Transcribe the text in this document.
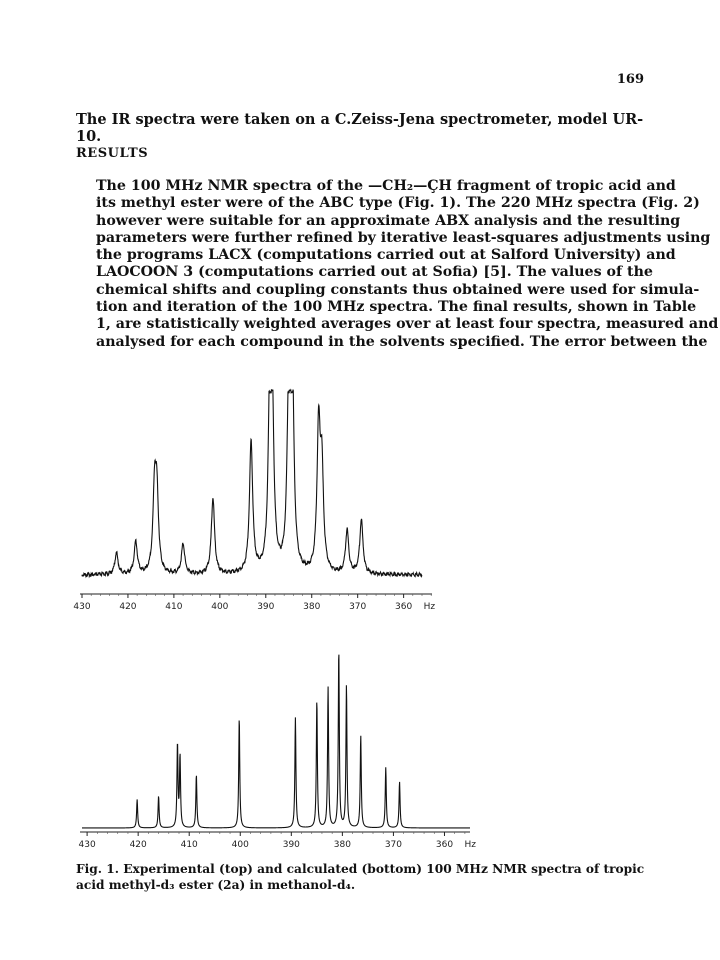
169

The IR spectra were taken on a C.Zeiss-Jena spectrometer, model UR-10.

RESULTS

The 100 MHz NMR spectra of the —CH₂—ÇH fragment of tropic acid and
its methyl ester were of the ABC type (Fig. 1). The 220 MHz spectra (Fig. 2)
however were suitable for an approximate ABX analysis and the resulting
parameters were further refined by iterative least-squares adjustments using
the programs LACX (computations carried out at Salford University) and
LAOCOON 3 (computations carried out at Sofia) [5]. The values of the
chemical shifts and coupling constants thus obtained were used for simula-
tion and iteration of the 100 MHz spectra. The final results, shown in Table
1, are statistically weighted averages over at least four spectra, measured and
analysed for each compound in the solvents specified. The error between the

430	420	410	400	390	380	370	360 Hz
430	420	410	400	390	380	370	360 Hz

Fig. 1. Experimental (top) and calculated (bottom) 100 MHz NMR spectra of tropic
acid methyl-d₃ ester (2a) in methanol-d₄.
